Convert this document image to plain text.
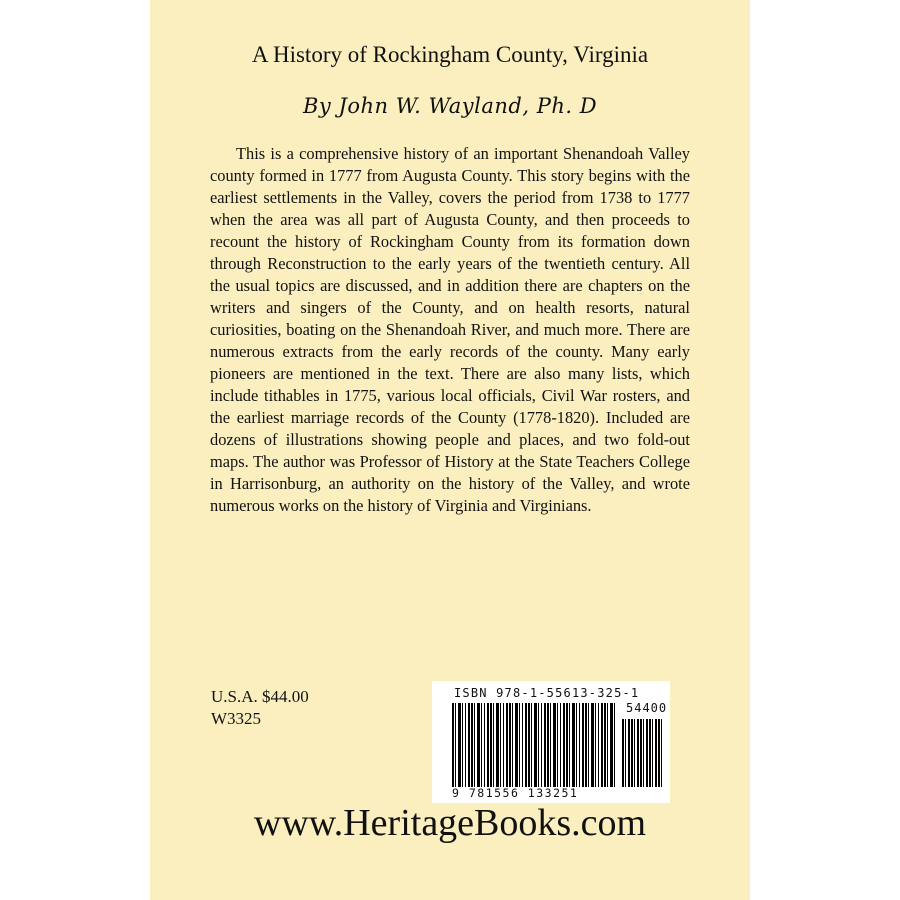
A History of Rockingham County, Virginia
By John W. Wayland, Ph. D

This is a comprehensive history of an important Shenandoah Valley county formed in 1777 from Augusta County. This story begins with the earliest settlements in the Valley, covers the period from 1738 to 1777 when the area was all part of Augusta County, and then proceeds to recount the history of Rockingham County from its formation down through Reconstruction to the early years of the twentieth century. All the usual topics are discussed, and in addition there are chapters on the writers and singers of the County, and on health resorts, natural curiosities, boating on the Shenandoah River, and much more. There are numerous extracts from the early records of the county. Many early pioneers are mentioned in the text. There are also many lists, which include tithables in 1775, various local officials, Civil War rosters, and the earliest marriage records of the County (1778-1820). Included are dozens of illustrations showing people and places, and two fold-out maps. The author was Professor of History at the State Teachers College in Harrisonburg, an authority on the history of the Valley, and wrote numerous works on the history of Virginia and Virginians.

U.S.A. $44.00
W3325
ISBN 978-1-55613-325-1
54400
9 781556 133251
www.HeritageBooks.com
